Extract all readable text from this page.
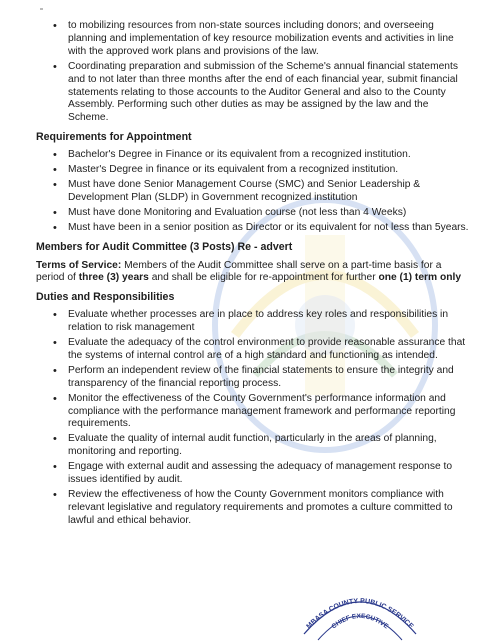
• to mobilizing resources from non-state sources including donors; and overseeing planning and implementation of key resource mobilization events and activities in line with the approved work plans and provisions of the law.
• Coordinating preparation and submission of the Scheme's annual financial statements and to not later than three months after the end of each financial year, submit financial statements relating to those accounts to the Auditor General and also to the County Assembly. Performing such other duties as may be assigned by the law and the Scheme.
Requirements for Appointment
• Bachelor's Degree in Finance or its equivalent from a recognized institution.
• Master's Degree in finance or its equivalent from a recognized institution.
• Must have done Senior Management Course (SMC) and Senior Leadership & Development Plan (SLDP) in Government recognized institution
• Must have done Monitoring and Evaluation course (not less than 4 Weeks)
• Must have been in a senior position as Director or its equivalent for not less than 5years.
Members for Audit Committee (3 Posts) Re - advert

Terms of Service: Members of the Audit Committee shall serve on a part-time basis for a period of three (3) years and shall be eligible for re-appointment for further one (1) term only

Duties and Responsibilities
• Evaluate whether processes are in place to address key roles and responsibilities in relation to risk management
• Evaluate the adequacy of the control environment to provide reasonable assurance that the systems of internal control are of a high standard and functioning as intended.
• Perform an independent review of the financial statements to ensure the integrity and transparency of the financial reporting process.
• Monitor the effectiveness of the County Government's performance information and compliance with the performance management framework and performance reporting requirements.
• Evaluate the quality of internal audit function, particularly in the areas of planning, monitoring and reporting.
• Engage with external audit and assessing the adequacy of management response to issues identified by audit.
• Review the effectiveness of how the County Government monitors compliance with relevant legislative and regulatory requirements and promotes a culture committed to lawful and ethical behavior.
MBASA COUNTY PUBLIC SERVICE
CHIEF EXECUTIVE
